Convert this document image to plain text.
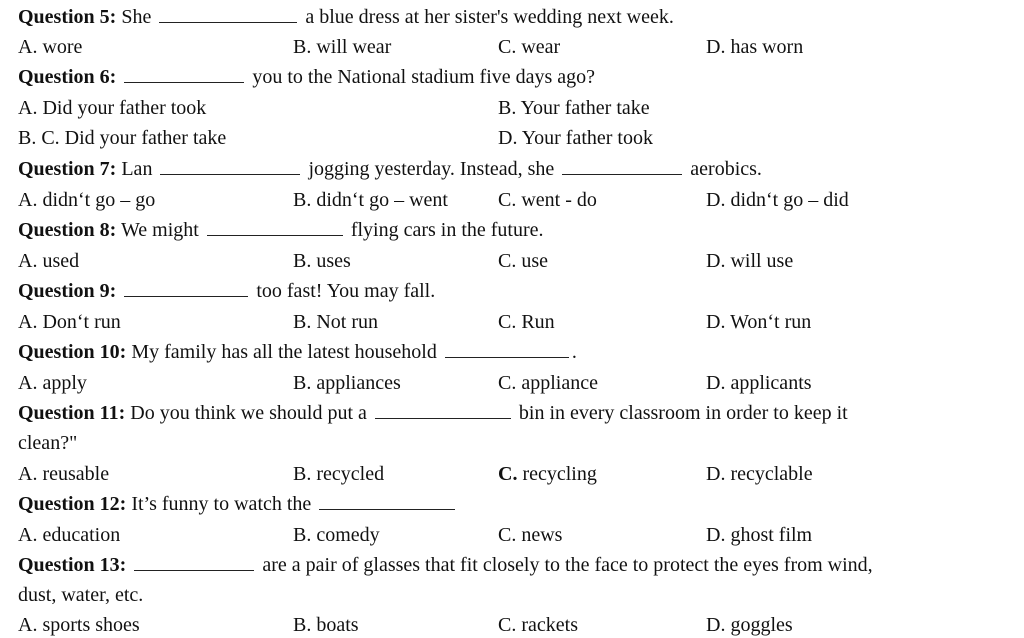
Question 5: She	a blue dress at her sister's wedding next week.
A. wore	B. will wear	C. wear	D. has worn
Question 6:	you to the National stadium five days ago?
A. Did your father took	B. Your father take
B. C. Did your father take	D. Your father took
Question 7: Lan	jogging yesterday. Instead, she	aerobics.
A. didn‘t go – go	B. didn‘t go – went	C. went - do	D. didn‘t go – did
Question 8: We might	flying cars in the future.
A. used	B. uses	C. use	D. will use
Question 9:	too fast! You may fall.
A. Don‘t run	B. Not run	C. Run	D. Won‘t run
Question 10: My family has all the latest household	.
A. apply	B. appliances	C. appliance	D. applicants
Question 11: Do you think we should put a	bin in every classroom in order to keep it
clean?"
A. reusable	B. recycled	C. recycling	D. recyclable
Question 12: It’s funny to watch the
A. education	B. comedy	C. news	D. ghost film
Question 13:	are a pair of glasses that fit closely to the face to protect the eyes from wind,
dust, water, etc.
A. sports shoes	B. boats	C. rackets	D. goggles
